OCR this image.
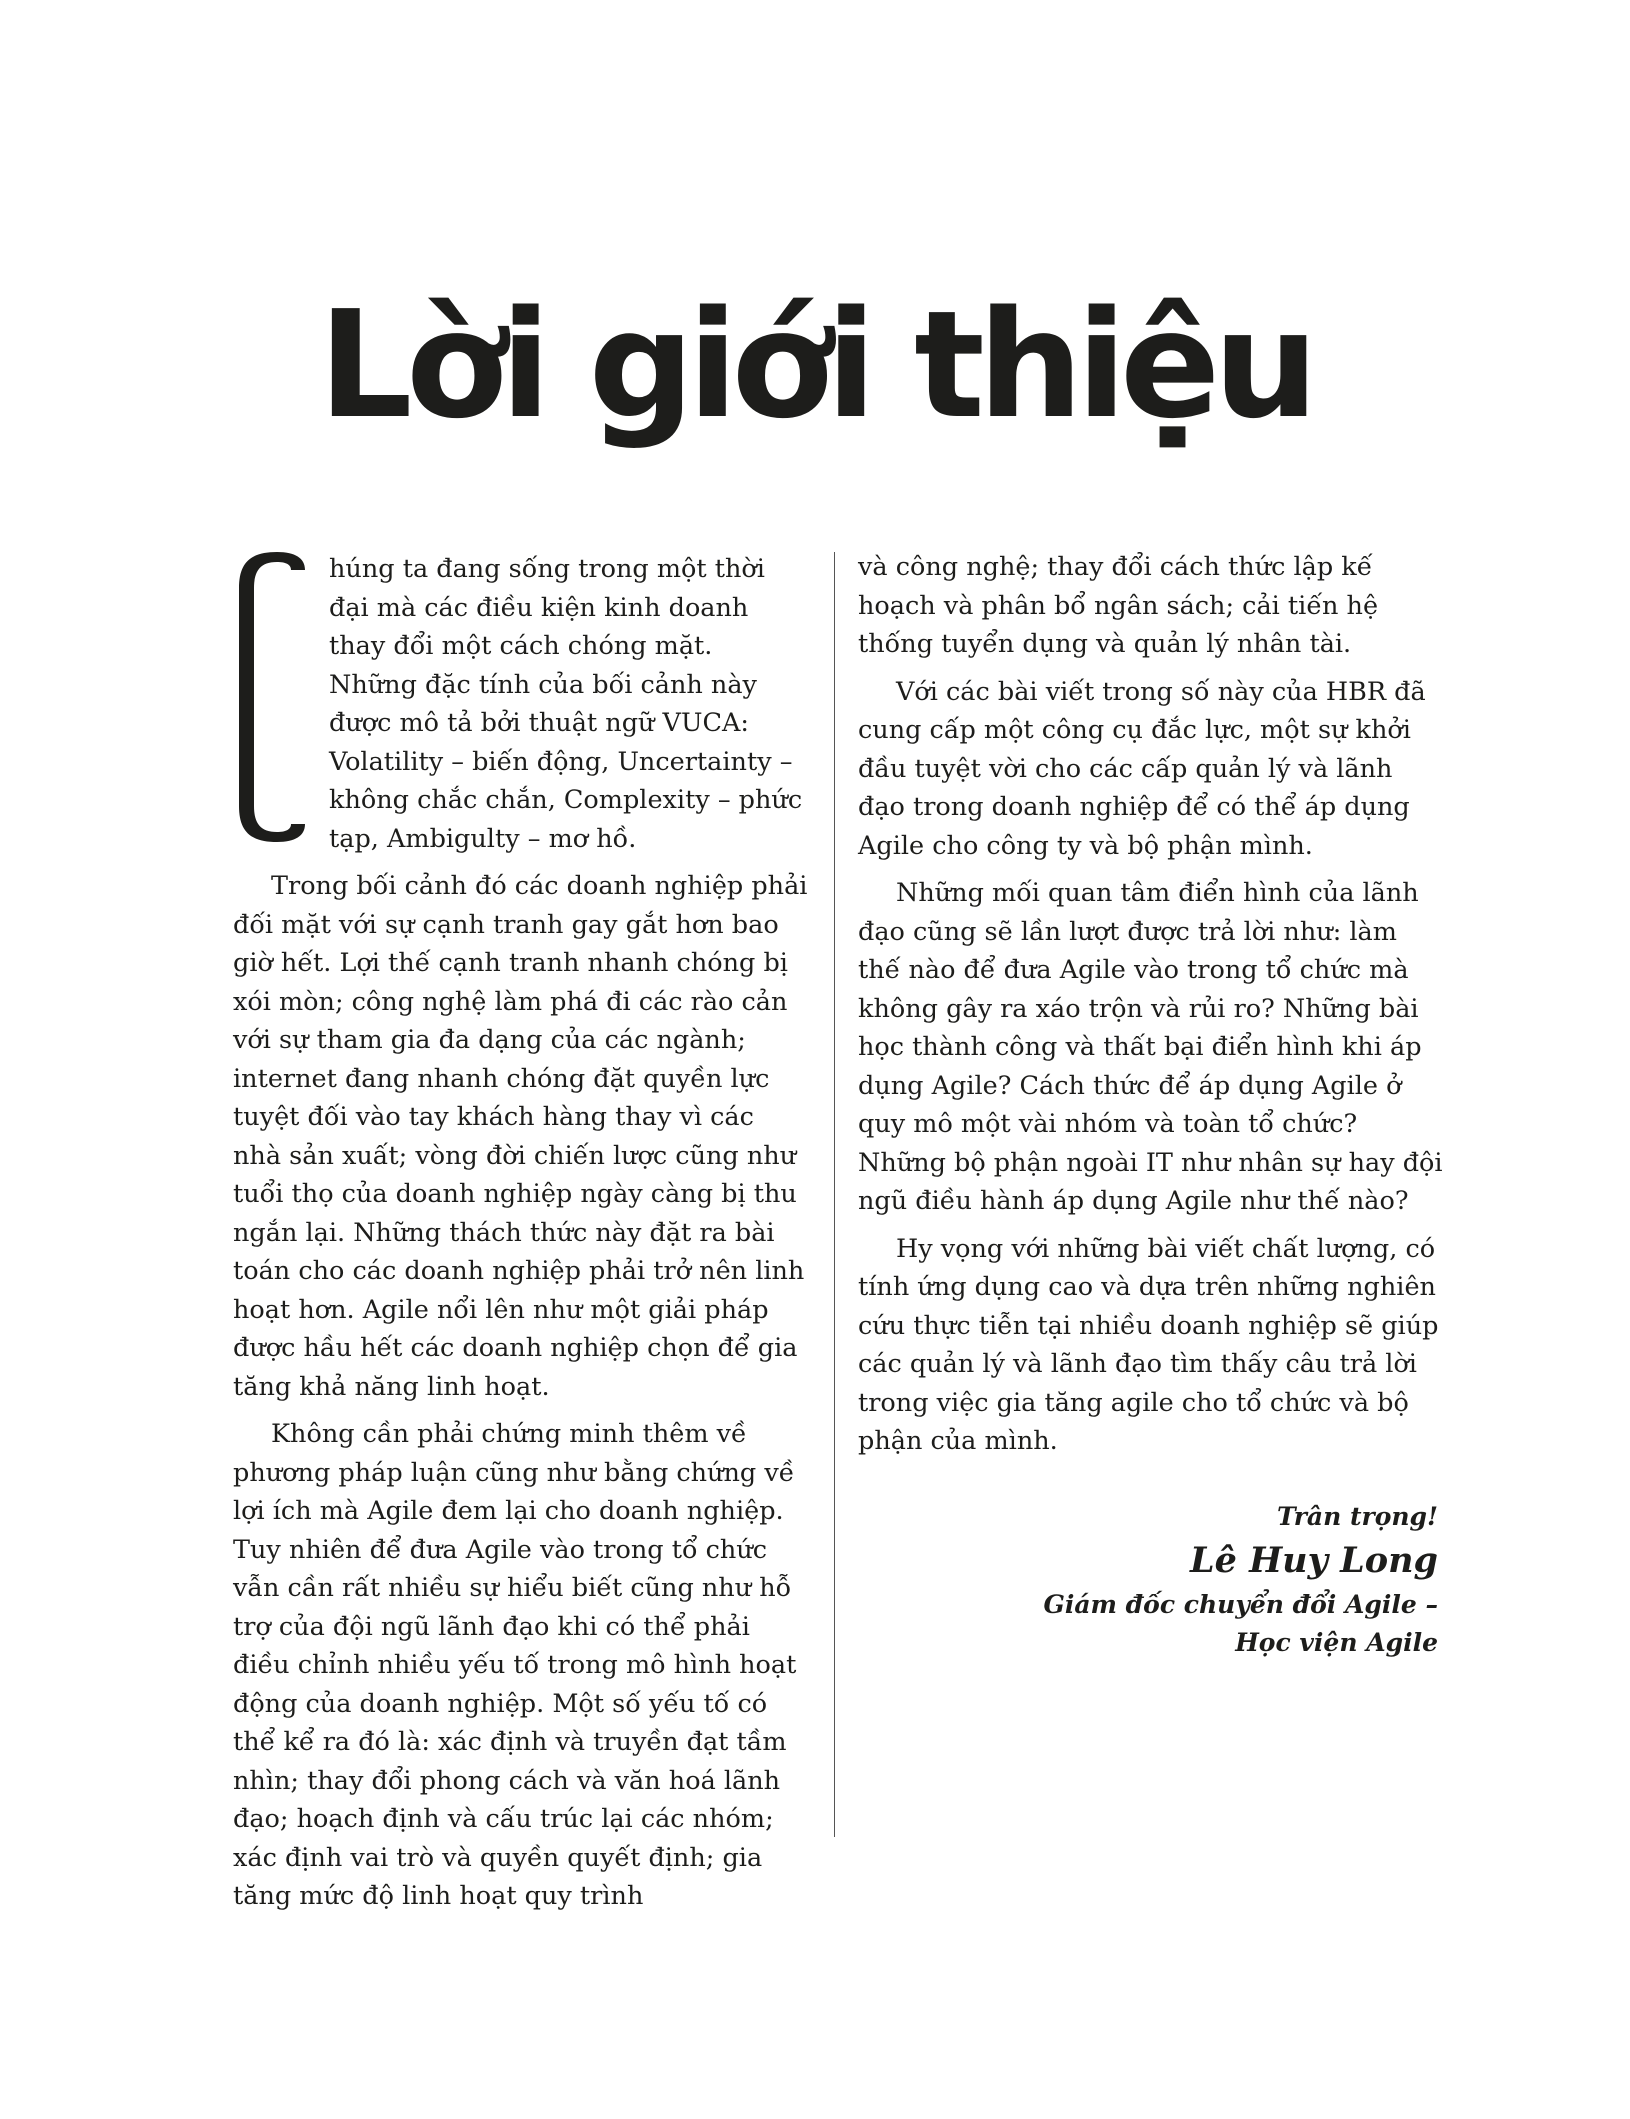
Lời giới thiệu

húng ta đang sống trong một thời đại mà các điều kiện kinh doanh thay đổi một cách chóng mặt. Những đặc tính của bối cảnh này được mô tả bởi thuật ngữ VUCA: Volatility – biến động, Uncertainty – không chắc chắn, Complexity – phức tạp, Ambigulty – mơ hồ.

Trong bối cảnh đó các doanh nghiệp phải đối mặt với sự cạnh tranh gay gắt hơn bao giờ hết. Lợi thế cạnh tranh nhanh chóng bị xói mòn; công nghệ làm phá đi các rào cản với sự tham gia đa dạng của các ngành; internet đang nhanh chóng đặt quyền lực tuyệt đối vào tay khách hàng thay vì các nhà sản xuất; vòng đời chiến lược cũng như tuổi thọ của doanh nghiệp ngày càng bị thu ngắn lại. Những thách thức này đặt ra bài toán cho các doanh nghiệp phải trở nên linh hoạt hơn. Agile nổi lên như một giải pháp được hầu hết các doanh nghiệp chọn để gia tăng khả năng linh hoạt.

Không cần phải chứng minh thêm về phương pháp luận cũng như bằng chứng về lợi ích mà Agile đem lại cho doanh nghiệp. Tuy nhiên để đưa Agile vào trong tổ chức vẫn cần rất nhiều sự hiểu biết cũng như hỗ trợ của đội ngũ lãnh đạo khi có thể phải điều chỉnh nhiều yếu tố trong mô hình hoạt động của doanh nghiệp. Một số yếu tố có thể kể ra đó là: xác định và truyền đạt tầm nhìn; thay đổi phong cách và văn hoá lãnh đạo; hoạch định và cấu trúc lại các nhóm; xác định vai trò và quyền quyết định; gia tăng mức độ linh hoạt quy trình

và công nghệ; thay đổi cách thức lập kế hoạch và phân bổ ngân sách; cải tiến hệ thống tuyển dụng và quản lý nhân tài.

Với các bài viết trong số này của HBR đã cung cấp một công cụ đắc lực, một sự khởi đầu tuyệt vời cho các cấp quản lý và lãnh đạo trong doanh nghiệp để có thể áp dụng Agile cho công ty và bộ phận mình.

Những mối quan tâm điển hình của lãnh đạo cũng sẽ lần lượt được trả lời như: làm thế nào để đưa Agile vào trong tổ chức mà không gây ra xáo trộn và rủi ro? Những bài học thành công và thất bại điển hình khi áp dụng Agile? Cách thức để áp dụng Agile ở quy mô một vài nhóm và toàn tổ chức? Những bộ phận ngoài IT như nhân sự hay đội ngũ điều hành áp dụng Agile như thế nào?

Hy vọng với những bài viết chất lượng, có tính ứng dụng cao và dựa trên những nghiên cứu thực tiễn tại nhiều doanh nghiệp sẽ giúp các quản lý và lãnh đạo tìm thấy câu trả lời trong việc gia tăng agile cho tổ chức và bộ phận của mình.

Trân trọng!
Lê Huy Long
Giám đốc chuyển đổi Agile –
Học viện Agile
